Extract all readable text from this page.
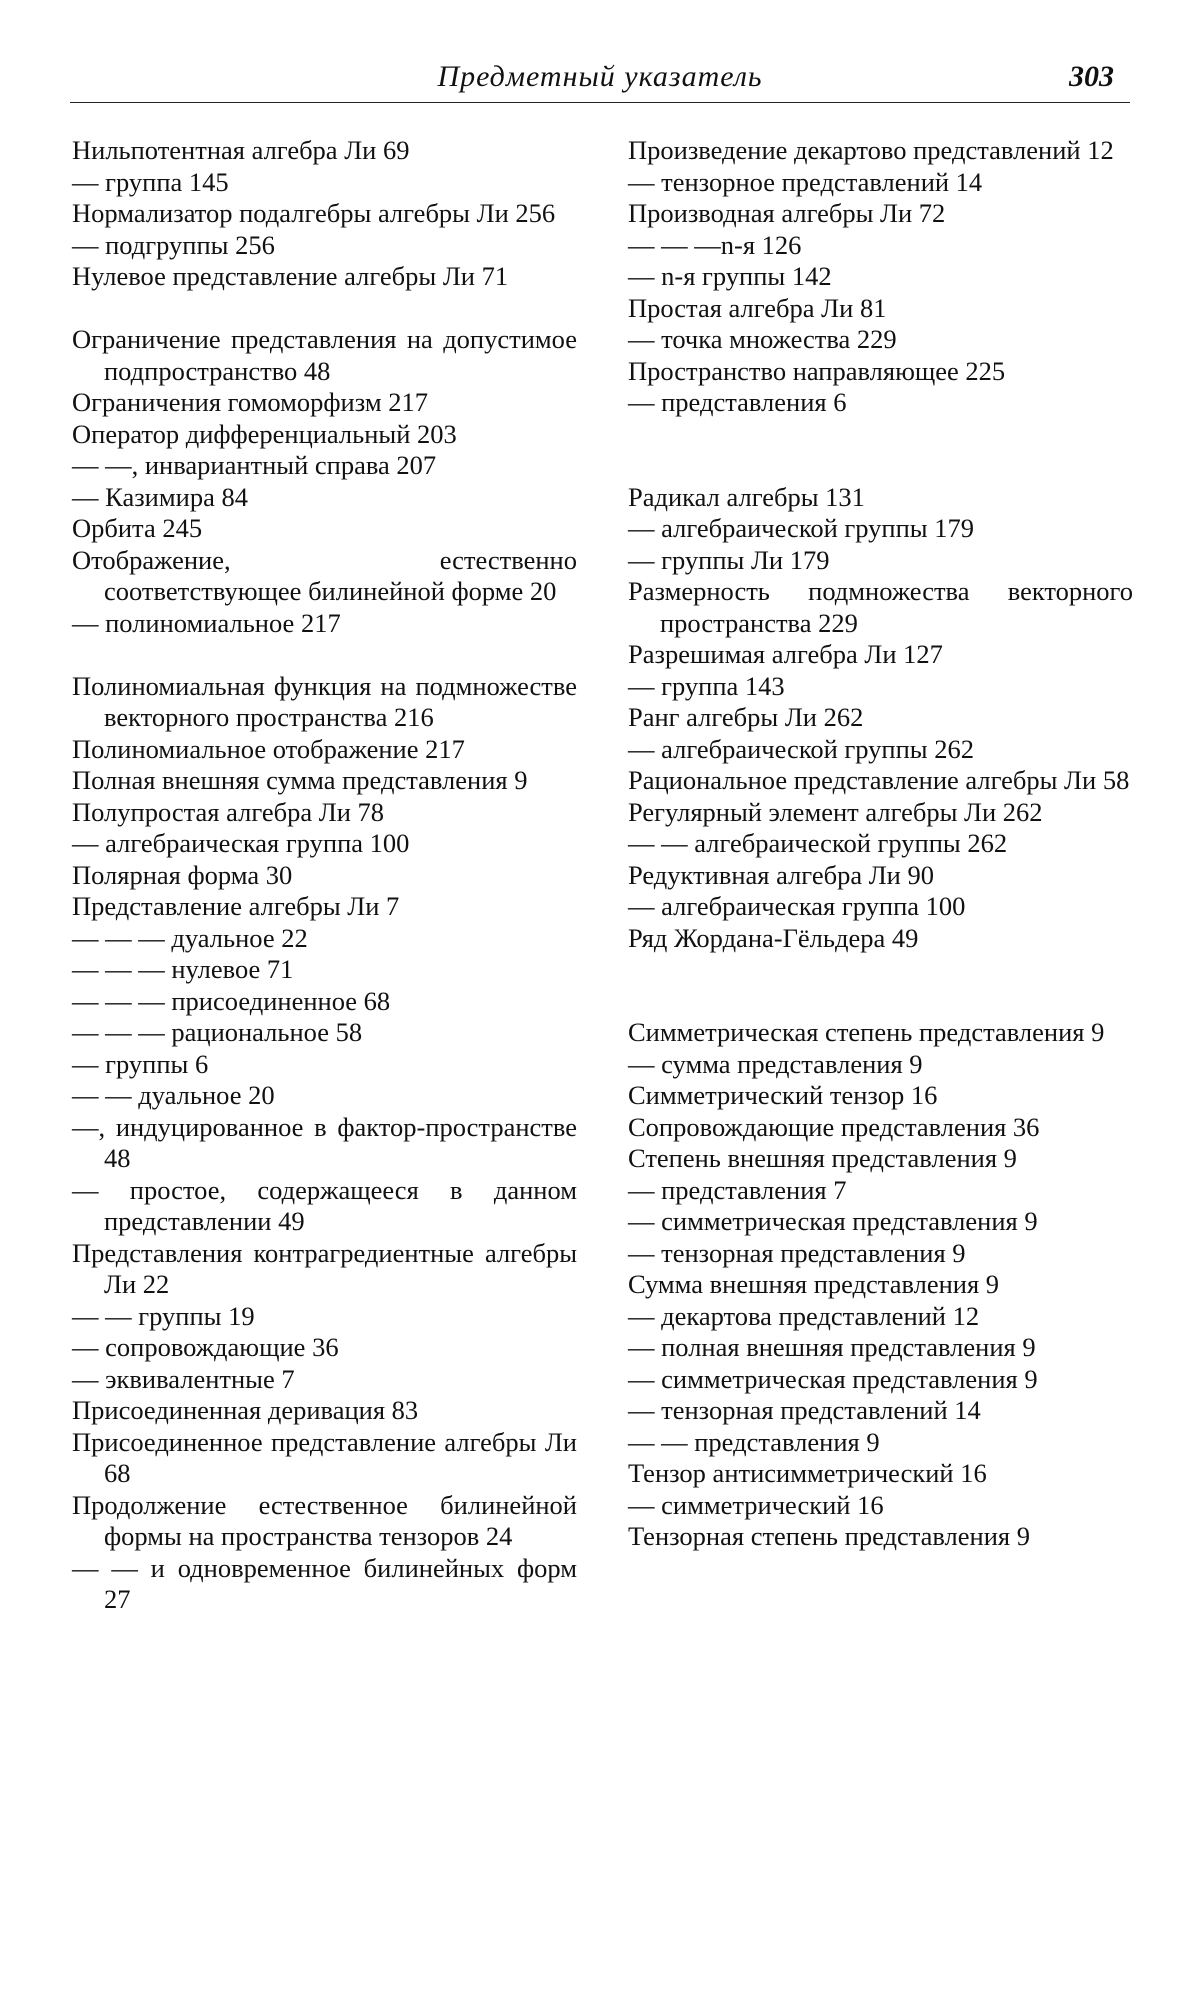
Предметный указатель	303
Нильпотентная алгебра Ли 69
— группа 145
Нормализатор подалгебры алгебры Ли 256
— подгруппы 256
Нулевое представление алгебры Ли 71
Ограничение представления на допустимое подпространство 48
Ограничения гомоморфизм 217
Оператор дифференциальный 203
— —, инвариантный справа 207
— Казимира 84
Орбита 245
Отображение, естественно соответствующее билинейной форме 20
— полиномиальное 217
Полиномиальная функция на подмножестве векторного пространства 216
Полиномиальное отображение 217
Полная внешняя сумма представления 9
Полупростая алгебра Ли 78
— алгебраическая группа 100
Полярная форма 30
Представление алгебры Ли 7
— — — дуальное 22
— — — нулевое 71
— — — присоединенное 68
— — — рациональное 58
— группы 6
— — дуальное 20
—, индуцированное в фактор-пространстве 48
— простое, содержащееся в данном представлении 49
Представления контрагредиентные алгебры Ли 22
— — группы 19
— сопровождающие 36
— эквивалентные 7
Присоединенная деривация 83
Присоединенное представление алгебры Ли 68
Продолжение естественное билинейной формы на пространства тензоров 24
— — и одновременное билинейных форм 27
Произведение декартово представлений 12
— тензорное представлений 14
Производная алгебры Ли 72
— — —n-я 126
— n-я группы 142
Простая алгебра Ли 81
— точка множества 229
Пространство направляющее 225
— представления 6
Радикал алгебры 131
— алгебраической группы 179
— группы Ли 179
Размерность подмножества векторного пространства 229
Разрешимая алгебра Ли 127
— группа 143
Ранг алгебры Ли 262
— алгебраической группы 262
Рациональное представление алгебры Ли 58
Регулярный элемент алгебры Ли 262
— — алгебраической группы 262
Редуктивная алгебра Ли 90
— алгебраическая группа 100
Ряд Жордана-Гёльдера 49
Симметрическая степень представления 9
— сумма представления 9
Симметрический тензор 16
Сопровождающие представления 36
Степень внешняя представления 9
— представления 7
— симметрическая представления 9
— тензорная представления 9
Сумма внешняя представления 9
— декартова представлений 12
— полная внешняя представления 9
— симметрическая представления 9
— тензорная представлений 14
— — представления 9
Тензор антисимметрический 16
— симметрический 16
Тензорная степень представления 9
